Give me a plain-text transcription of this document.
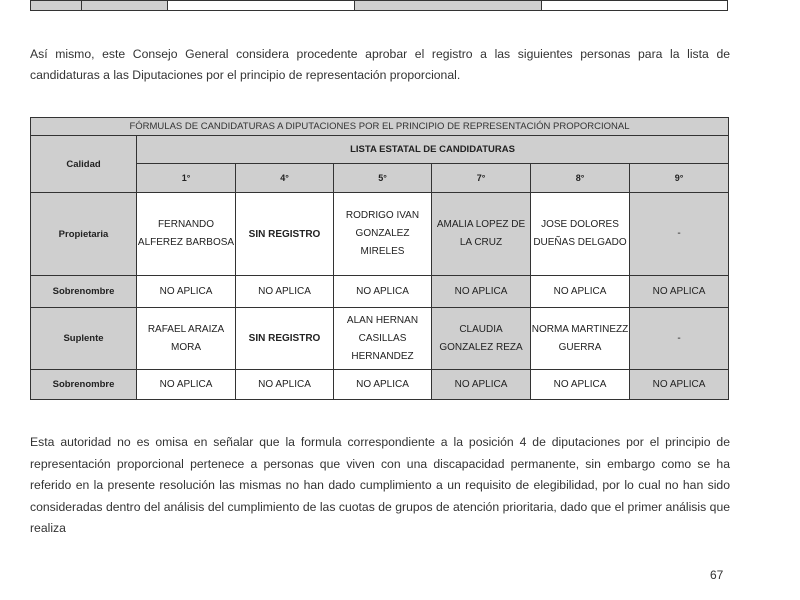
Así mismo, este Consejo General considera procedente aprobar el registro a las siguientes personas para la lista de candidaturas a las Diputaciones por el principio de representación proporcional.
FÓRMULAS DE CANDIDATURAS A DIPUTACIONES POR EL PRINCIPIO DE REPRESENTACIÓN PROPORCIONAL						
Calidad	LISTA ESTATAL DE CANDIDATURAS					
	1°	4°	5°	7°	8°	9°
Propietaria	FERNANDO ALFEREZ BARBOSA	SIN REGISTRO	RODRIGO IVAN GONZALEZ MIRELES	AMALIA LOPEZ DE LA CRUZ	JOSE DOLORES DUEÑAS DELGADO	-
Sobrenombre	NO APLICA	NO APLICA	NO APLICA	NO APLICA	NO APLICA	NO APLICA
Suplente	RAFAEL ARAIZA MORA	SIN REGISTRO	ALAN HERNAN CASILLAS HERNANDEZ	CLAUDIA GONZALEZ REZA	NORMA MARTINEZZ GUERRA	-
Sobrenombre	NO APLICA	NO APLICA	NO APLICA	NO APLICA	NO APLICA	NO APLICA
Esta autoridad no es omisa en señalar que la formula correspondiente a la posición 4 de diputaciones por el principio de representación proporcional pertenece a personas que viven con una discapacidad permanente, sin embargo como se ha referido en la presente resolución las mismas no han dado cumplimiento a un requisito de elegibilidad, por lo cual no han sido consideradas dentro del análisis del cumplimiento de las cuotas de grupos de atención prioritaria, dado que el primer análisis que realiza
67
